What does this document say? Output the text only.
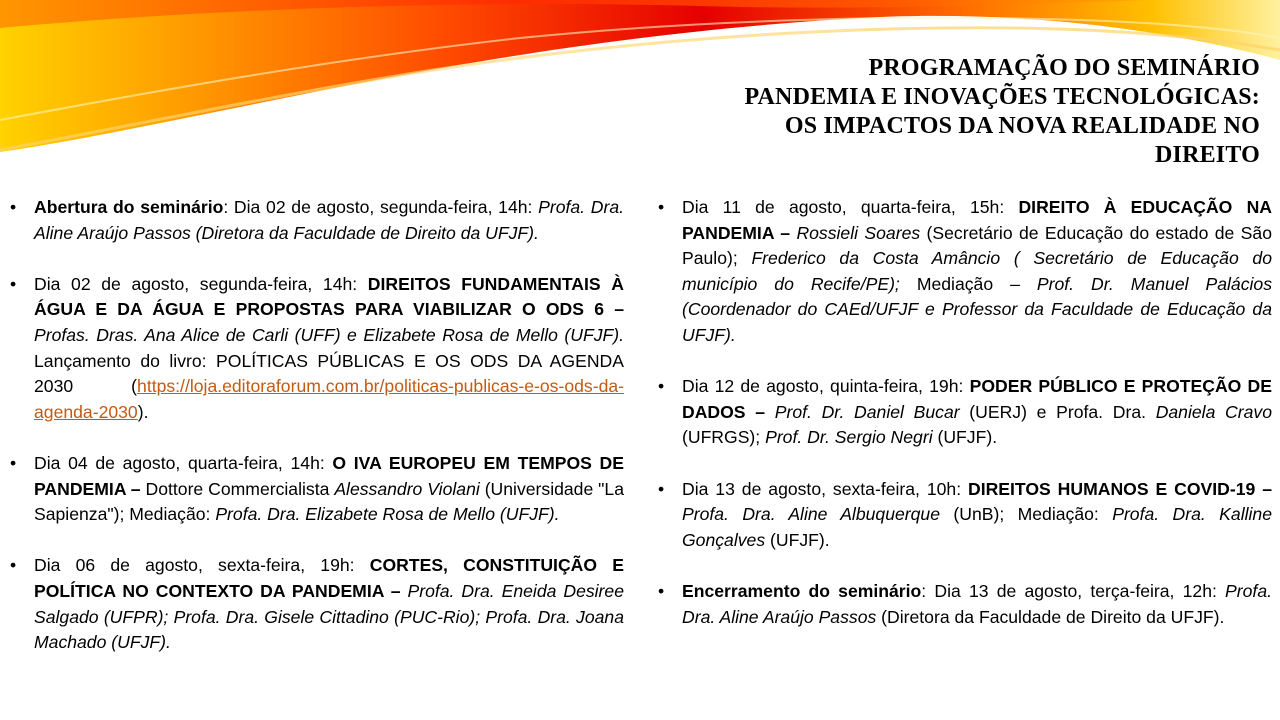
PROGRAMAÇÃO DO SEMINÁRIO
PANDEMIA E INOVAÇÕES TECNOLÓGICAS:
OS IMPACTOS DA NOVA REALIDADE NO
DIREITO
•	Abertura do seminário: Dia 02 de agosto, segunda-feira, 14h: Profa. Dra. Aline Araújo Passos (Diretora da Faculdade de Direito da UFJF).
•	Dia 02 de agosto, segunda-feira, 14h: DIREITOS FUNDAMENTAIS À ÁGUA E DA ÁGUA E PROPOSTAS PARA VIABILIZAR O ODS 6 – Profas. Dras. Ana Alice de Carli (UFF) e Elizabete Rosa de Mello (UFJF). Lançamento do livro: POLÍTICAS PÚBLICAS E OS ODS DA AGENDA 2030 (https://loja.editoraforum.com.br/politicas-publicas-e-os-ods-da-agenda-2030).
•	Dia 04 de agosto, quarta-feira, 14h: O IVA EUROPEU EM TEMPOS DE PANDEMIA – Dottore Commercialista Alessandro Violani (Universidade "La Sapienza"); Mediação: Profa. Dra. Elizabete Rosa de Mello (UFJF).
•	Dia 06 de agosto, sexta-feira, 19h: CORTES, CONSTITUIÇÃO E POLÍTICA NO CONTEXTO DA PANDEMIA – Profa. Dra. Eneida Desiree Salgado (UFPR); Profa. Dra. Gisele Cittadino (PUC-Rio); Profa. Dra. Joana Machado (UFJF).
•	Dia 11 de agosto, quarta-feira, 15h: DIREITO À EDUCAÇÃO NA PANDEMIA – Rossieli Soares (Secretário de Educação do estado de São Paulo); Frederico da Costa Amâncio ( Secretário de Educação do município do Recife/PE); Mediação – Prof. Dr. Manuel Palácios (Coordenador do CAEd/UFJF e Professor da Faculdade de Educação da UFJF).
•	Dia 12 de agosto, quinta-feira, 19h: PODER PÚBLICO E PROTEÇÃO DE DADOS – Prof. Dr. Daniel Bucar (UERJ) e Profa. Dra. Daniela Cravo (UFRGS); Prof. Dr. Sergio Negri (UFJF).
•	Dia 13 de agosto, sexta-feira, 10h: DIREITOS HUMANOS E COVID-19 – Profa. Dra. Aline Albuquerque (UnB); Mediação: Profa. Dra. Kalline Gonçalves (UFJF).
•	Encerramento do seminário: Dia 13 de agosto, terça-feira, 12h: Profa. Dra. Aline Araújo Passos (Diretora da Faculdade de Direito da UFJF).
